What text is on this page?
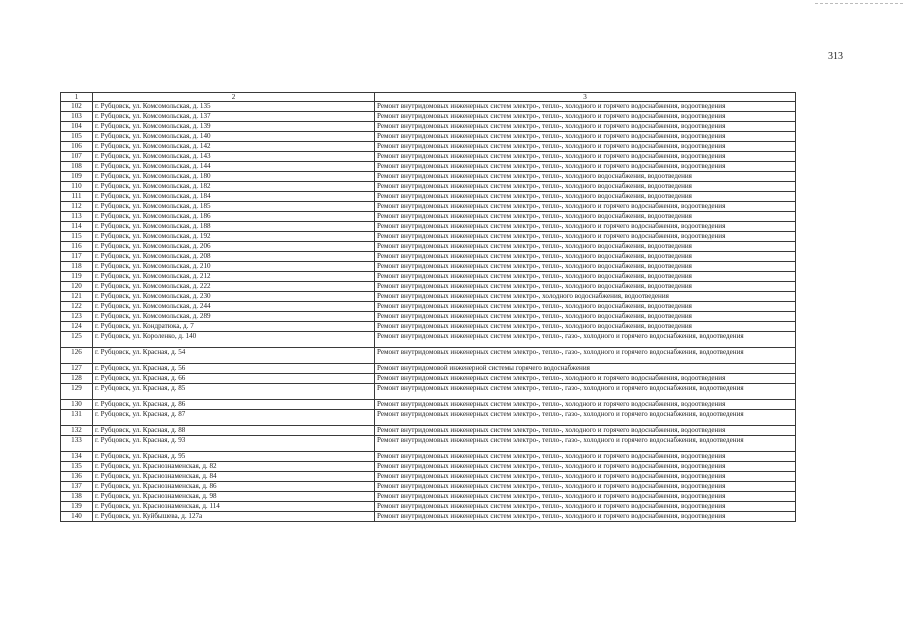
313
1	2	3
102	г. Рубцовск, ул. Комсомольская, д. 135	Ремонт внутридомовых инженерных систем электро-, тепло-, холодного и горячего водоснабжения, водоотведения
103	г. Рубцовск, ул. Комсомольская, д. 137	Ремонт внутридомовых инженерных систем электро-, тепло-, холодного и горячего водоснабжения, водоотведения
104	г. Рубцовск, ул. Комсомольская, д. 139	Ремонт внутридомовых инженерных систем электро-, тепло-, холодного и горячего водоснабжения, водоотведения
105	г. Рубцовск, ул. Комсомольская, д. 140	Ремонт внутридомовых инженерных систем электро-, тепло-, холодного и горячего водоснабжения, водоотведения
106	г. Рубцовск, ул. Комсомольская, д. 142	Ремонт внутридомовых инженерных систем электро-, тепло-, холодного и горячего водоснабжения, водоотведения
107	г. Рубцовск, ул. Комсомольская, д. 143	Ремонт внутридомовых инженерных систем электро-, тепло-, холодного и горячего водоснабжения, водоотведения
108	г. Рубцовск, ул. Комсомольская, д. 144	Ремонт внутридомовых инженерных систем электро-, тепло-, холодного и горячего водоснабжения, водоотведения
109	г. Рубцовск, ул. Комсомольская, д. 180	Ремонт внутридомовых инженерных систем электро-, тепло-, холодного водоснабжения, водоотведения
110	г. Рубцовск, ул. Комсомольская, д. 182	Ремонт внутридомовых инженерных систем электро-, тепло-, холодного водоснабжения, водоотведения
111	г. Рубцовск, ул. Комсомольская, д. 184	Ремонт внутридомовых инженерных систем электро-, тепло-, холодного водоснабжения, водоотведения
112	г. Рубцовск, ул. Комсомольская, д. 185	Ремонт внутридомовых инженерных систем электро-, тепло-, холодного и горячего водоснабжения, водоотведения
113	г. Рубцовск, ул. Комсомольская, д. 186	Ремонт внутридомовых инженерных систем электро-, тепло-, холодного водоснабжения, водоотведения
114	г. Рубцовск, ул. Комсомольская, д. 188	Ремонт внутридомовых инженерных систем электро-, тепло-, холодного и горячего водоснабжения, водоотведения
115	г. Рубцовск, ул. Комсомольская, д. 192	Ремонт внутридомовых инженерных систем электро-, тепло-, холодного и горячего водоснабжения, водоотведения
116	г. Рубцовск, ул. Комсомольская, д. 206	Ремонт внутридомовых инженерных систем электро-, тепло-, холодного водоснабжения, водоотведения
117	г. Рубцовск, ул. Комсомольская, д. 208	Ремонт внутридомовых инженерных систем электро-, тепло-, холодного водоснабжения, водоотведения
118	г. Рубцовск, ул. Комсомольская, д. 210	Ремонт внутридомовых инженерных систем электро-, тепло-, холодного водоснабжения, водоотведения
119	г. Рубцовск, ул. Комсомольская, д. 212	Ремонт внутридомовых инженерных систем электро-, тепло-, холодного водоснабжения, водоотведения
120	г. Рубцовск, ул. Комсомольская, д. 222	Ремонт внутридомовых инженерных систем электро-, тепло-, холодного водоснабжения, водоотведения
121	г. Рубцовск, ул. Комсомольская, д. 230	Ремонт внутридомовых инженерных систем электро-, холодного водоснабжения, водоотведения
122	г. Рубцовск, ул. Комсомольская, д. 244	Ремонт внутридомовых инженерных систем электро-, тепло-, холодного водоснабжения, водоотведения
123	г. Рубцовск, ул. Комсомольская, д. 289	Ремонт внутридомовых инженерных систем электро-, тепло-, холодного водоснабжения, водоотведения
124	г. Рубцовск, ул. Кондратюка, д. 7	Ремонт внутридомовых инженерных систем электро-, тепло-, холодного водоснабжения, водоотведения
125	г. Рубцовск, ул. Короленко, д. 140	Ремонт внутридомовых инженерных систем электро-, тепло-, газо-, холодного и горячего водоснабжения, водоотведения
126	г. Рубцовск, ул. Красная, д. 54	Ремонт внутридомовых инженерных систем электро-, тепло-, газо-, холодного и горячего водоснабжения, водоотведения
127	г. Рубцовск, ул. Красная, д. 56	Ремонт внутридомовой инженерной системы горячего водоснабжения
128	г. Рубцовск, ул. Красная, д. 66	Ремонт внутридомовых инженерных систем электро-, тепло-, холодного и горячего водоснабжения, водоотведения
129	г. Рубцовск, ул. Красная, д. 85	Ремонт внутридомовых инженерных систем электро-, тепло-, газо-, холодного и горячего водоснабжения, водоотведения
130	г. Рубцовск, ул. Красная, д. 86	Ремонт внутридомовых инженерных систем электро-, тепло-, холодного и горячего водоснабжения, водоотведения
131	г. Рубцовск, ул. Красная, д. 87	Ремонт внутридомовых инженерных систем электро-, тепло-, газо-, холодного и горячего водоснабжения, водоотведения
132	г. Рубцовск, ул. Красная, д. 88	Ремонт внутридомовых инженерных систем электро-, тепло-, холодного и горячего водоснабжения, водоотведения
133	г. Рубцовск, ул. Красная, д. 93	Ремонт внутридомовых инженерных систем электро-, тепло-, газо-, холодного и горячего водоснабжения, водоотведения
134	г. Рубцовск, ул. Красная, д. 95	Ремонт внутридомовых инженерных систем электро-, тепло-, холодного и горячего водоснабжения, водоотведения
135	г. Рубцовск, ул. Краснознаменская, д. 82	Ремонт внутридомовых инженерных систем электро-, тепло-, холодного и горячего водоснабжения, водоотведения
136	г. Рубцовск, ул. Краснознаменская, д. 84	Ремонт внутридомовых инженерных систем электро-, тепло-, холодного и горячего водоснабжения, водоотведения
137	г. Рубцовск, ул. Краснознаменская, д. 86	Ремонт внутридомовых инженерных систем электро-, тепло-, холодного и горячего водоснабжения, водоотведения
138	г. Рубцовск, ул. Краснознаменская, д. 98	Ремонт внутридомовых инженерных систем электро-, тепло-, холодного и горячего водоснабжения, водоотведения
139	г. Рубцовск, ул. Краснознаменская, д. 114	Ремонт внутридомовых инженерных систем электро-, тепло-, холодного и горячего водоснабжения, водоотведения
140	г. Рубцовск, ул. Куйбышева, д. 127а	Ремонт внутридомовых инженерных систем электро-, тепло-, холодного и горячего водоснабжения, водоотведения
